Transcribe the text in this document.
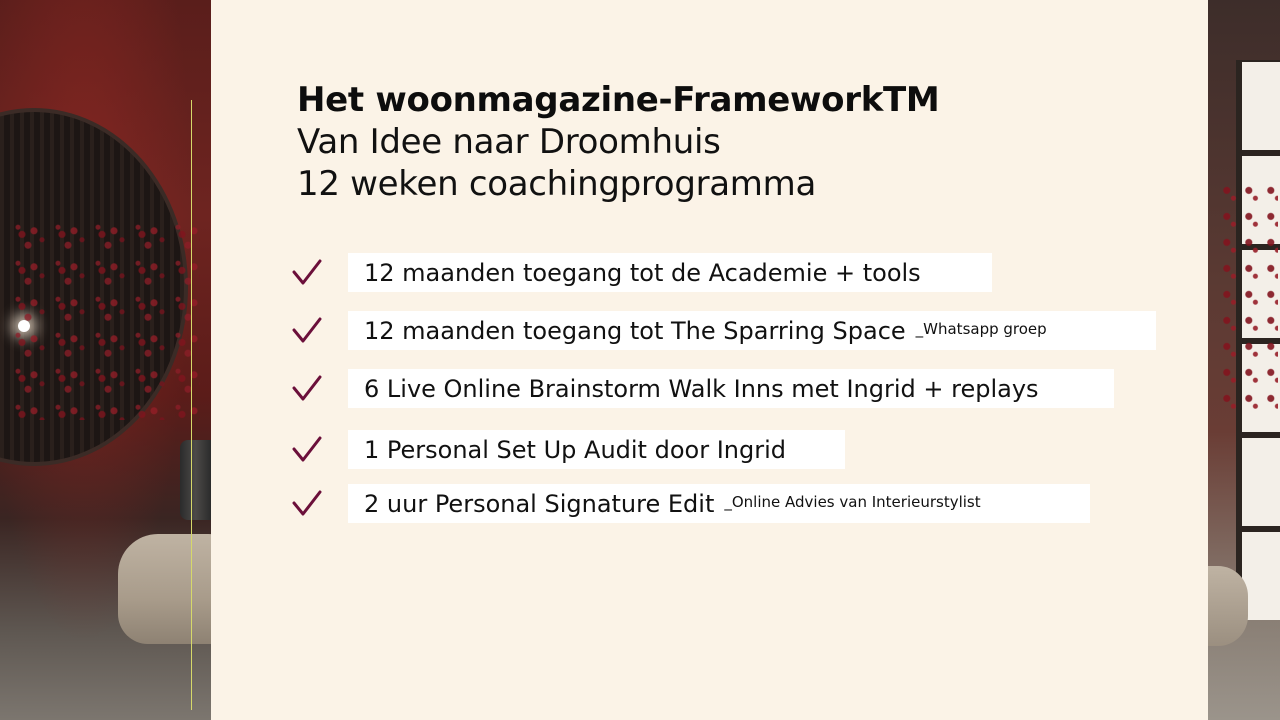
Het woonmagazine-FrameworkTM
Van Idee naar Droomhuis
12 weken coachingprogramma
12 maanden toegang tot de Academie + tools
12 maanden toegang tot The Sparring Space _Whatsapp groep
6 Live Online Brainstorm Walk Inns met Ingrid + replays
1 Personal Set Up Audit door Ingrid
2 uur Personal Signature Edit _Online Advies van Interieurstylist
